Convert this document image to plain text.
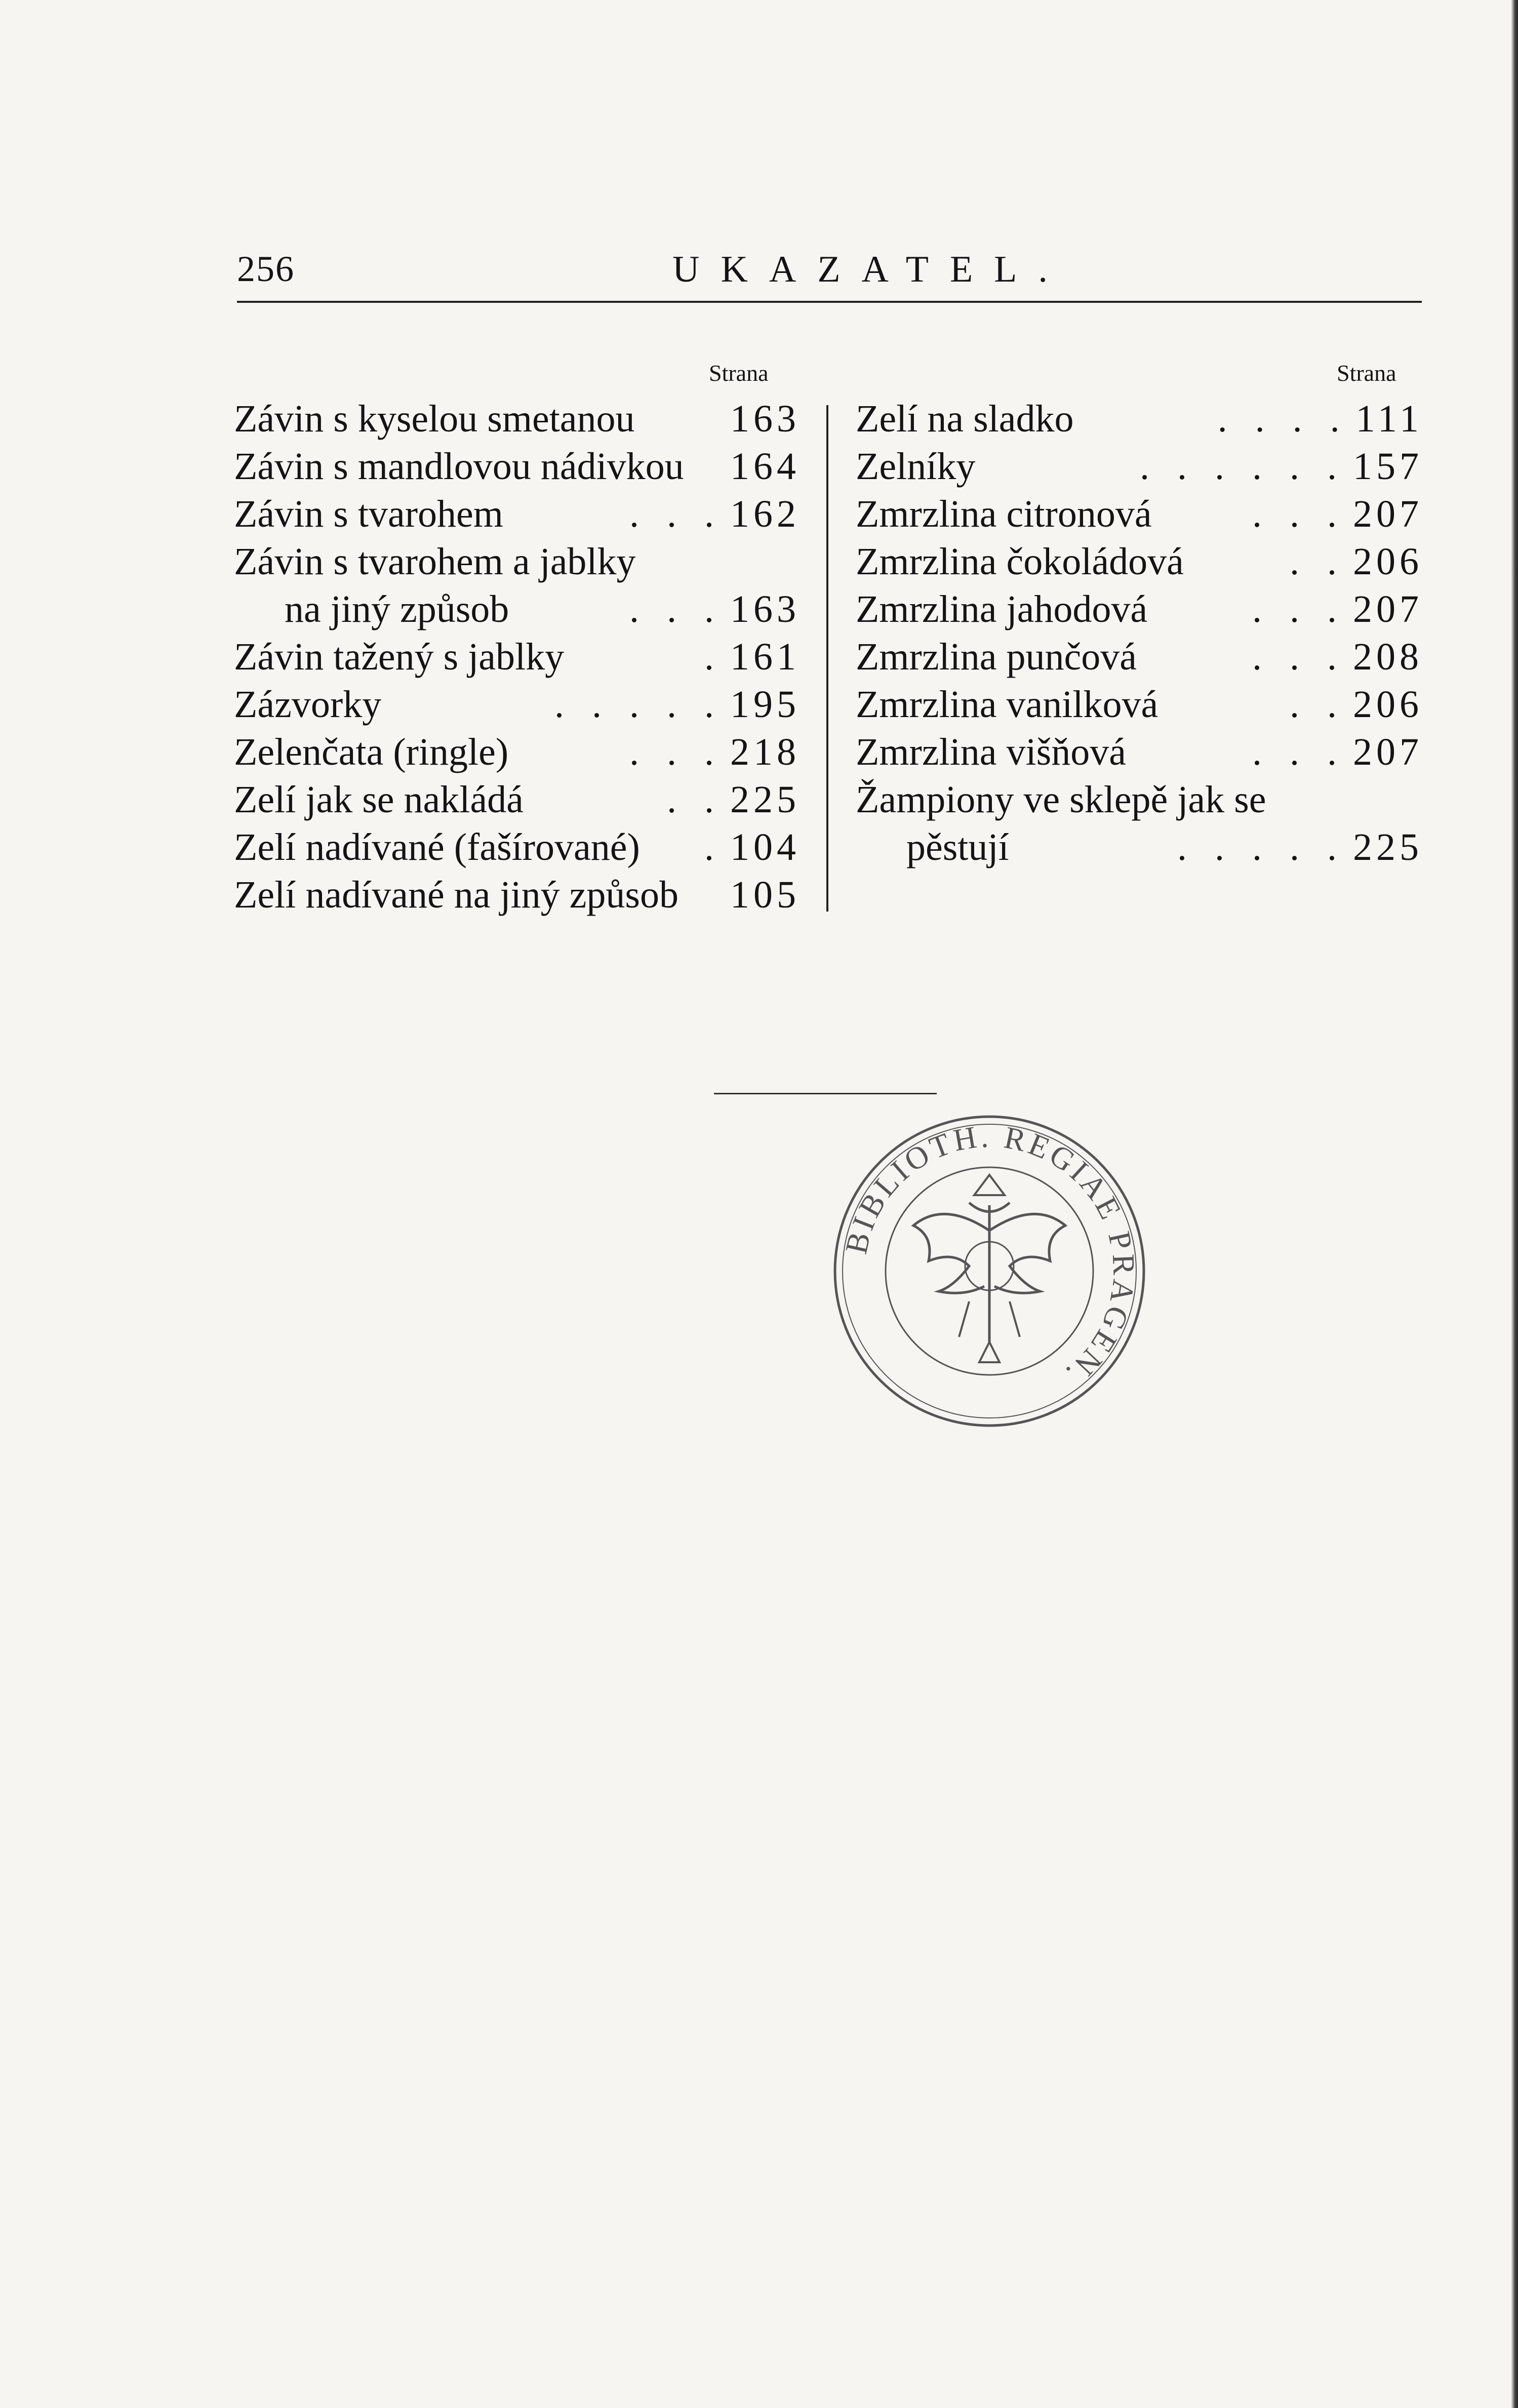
256	UKAZATEL.
Strana	Strana
Závin s kyselou smetanou 163
Závin s mandlovou nádivkou 164
Závin s tvarohem	. . . 162
Závin s tvarohem a jablky
na jiný způsob	. . . 163
Závin tažený s jablky	. 161
Zázvorky	. . . . . 195
Zelenčata (ringle)	. . . 218
Zelí jak se nakládá	. . 225
Zelí nadívané (fašírované) . 104
Zelí nadívané na jiný způsob 105
Zelí na sladko	. . . . 111
Zelníky	. . . . . . 157
Zmrzlina citronová	. . . 207
Zmrzlina čokoládová	. . 206
Zmrzlina jahodová	. . . 207
Zmrzlina punčová	. . . 208
Zmrzlina vanilková	. . 206
Zmrzlina višňová	. . . 207
Žampiony ve sklepě jak se
pěstují	. . . . . 225
BIBLIOTH. REGIAE PRAGEN.
